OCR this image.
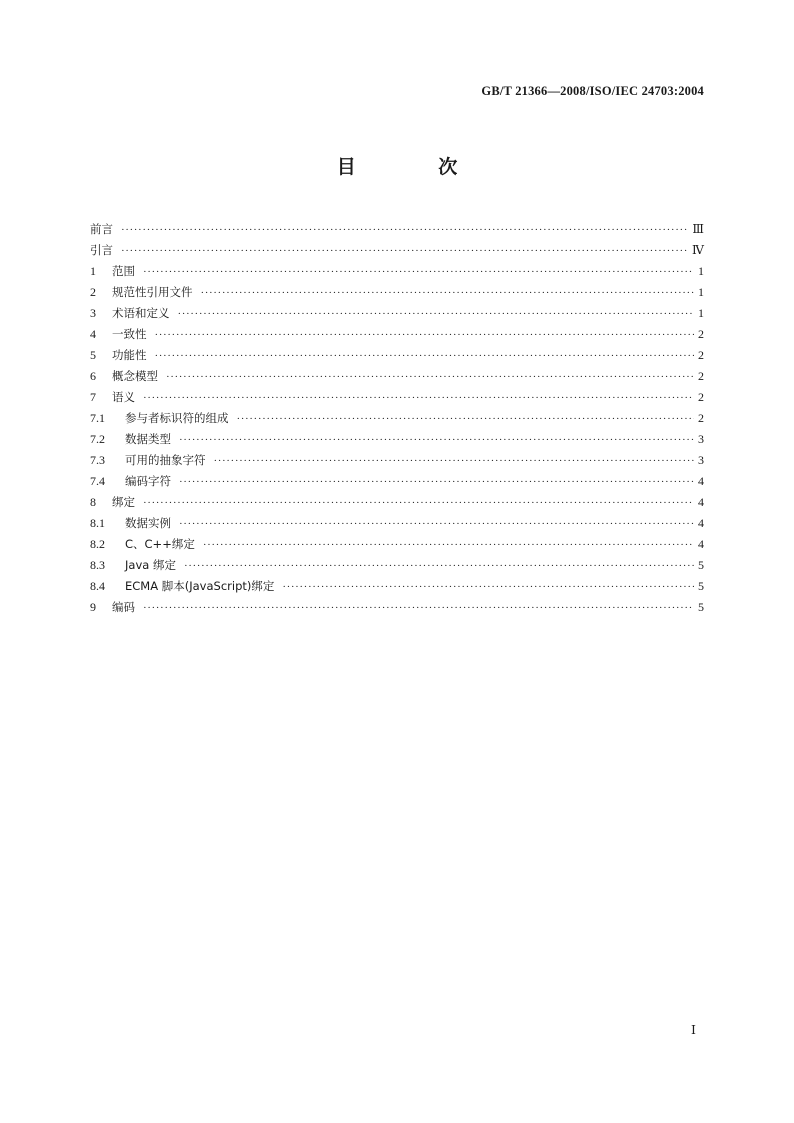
GB/T 21366—2008/ISO/IEC 24703:2004
目 次
前言 ·····	Ⅲ
引言 ·····	Ⅳ
1	范围 ·····	1
2	规范性引用文件 ·····	1
3	术语和定义 ·····	1
4	一致性 ·····	2
5	功能性 ·····	2
6	概念模型 ·····	2
7	语义 ·····	2
7.1	参与者标识符的组成 ·····	2
7.2	数据类型 ·····	3
7.3	可用的抽象字符 ·····	3
7.4	编码字符 ·····	4
8	绑定 ·····	4
8.1	数据实例 ·····	4
8.2	C、C++绑定 ·····	4
8.3	Java 绑定 ·····	5
8.4	ECMA 脚本(JavaScript)绑定 ·····	5
9	编码 ·····	5
Ⅰ
